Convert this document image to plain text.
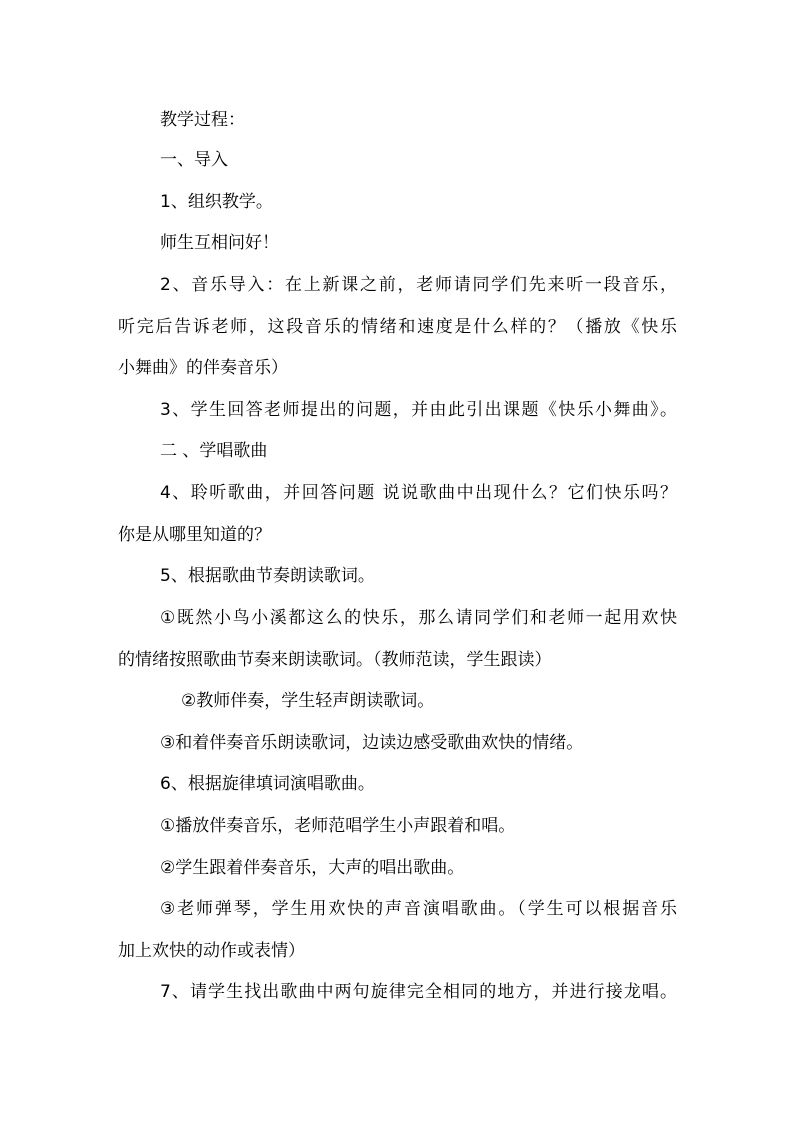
教学过程：
一、导入
1、组织教学。
师生互相问好！
2、音乐导入：在上新课之前，老师请同学们先来听一段音乐，
听完后告诉老师，这段音乐的情绪和速度是什么样的？（播放《快乐
小舞曲》的伴奏音乐）
3、学生回答老师提出的问题，并由此引出课题《快乐小舞曲》。
二 、学唱歌曲
4、聆听歌曲，并回答问题 说说歌曲中出现什么？它们快乐吗？
你是从哪里知道的？
5、根据歌曲节奏朗读歌词。
①既然小鸟小溪都这么的快乐，那么请同学们和老师一起用欢快
的情绪按照歌曲节奏来朗读歌词。（教师范读，学生跟读）
②教师伴奏，学生轻声朗读歌词。
③和着伴奏音乐朗读歌词，边读边感受歌曲欢快的情绪。
6、根据旋律填词演唱歌曲。
①播放伴奏音乐，老师范唱学生小声跟着和唱。
②学生跟着伴奏音乐，大声的唱出歌曲。
③老师弹琴，学生用欢快的声音演唱歌曲。（学生可以根据音乐
加上欢快的动作或表情）
7、请学生找出歌曲中两句旋律完全相同的地方，并进行接龙唱。
